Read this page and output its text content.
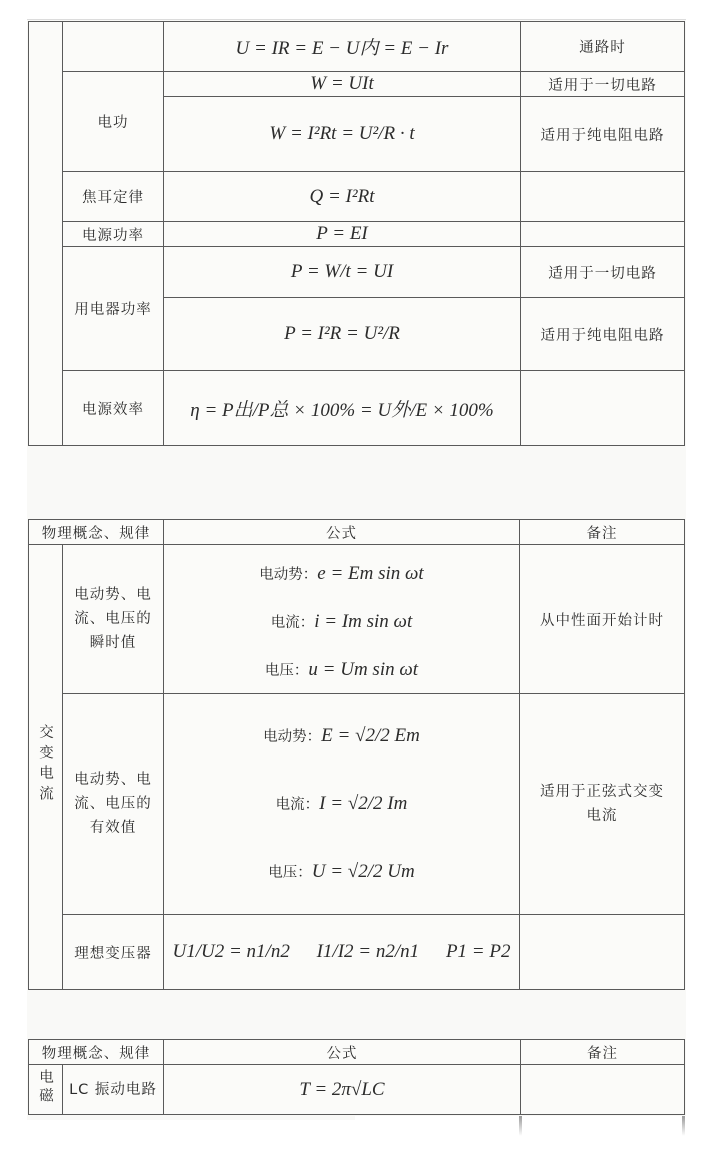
		U = IR = E − U内 = E − Ir	通路时
	电功	W = UIt	适用于一切电路
		W = I²Rt = U²/R · t	适用于纯电阻电路
	焦耳定律	Q = I²Rt	
	电源功率	P = EI	
	用电器功率	P = W/t = UI	适用于一切电路
		P = I²R = U²/R	适用于纯电阻电路
	电源效率	η = P出/P总 × 100% = U外/E × 100%	
物理概念、规律		公式	备注
交变电流	电动势、电流、电压的瞬时值	电动势：e = Em sin ωt
电流：i = Im sin ωt
电压：u = Um sin ωt	从中性面开始计时
	电动势、电流、电压的有效值	电动势：E = √2/2 Em
电流：I = √2/2 Im
电压：U = √2/2 Um	适用于正弦式交变电流
	理想变压器	U1/U2 = n1/n2 I1/I2 = n2/n1 P1 = P2	
物理概念、规律		公式	备注
电磁	LC 振动电路	T = 2π√LC	
